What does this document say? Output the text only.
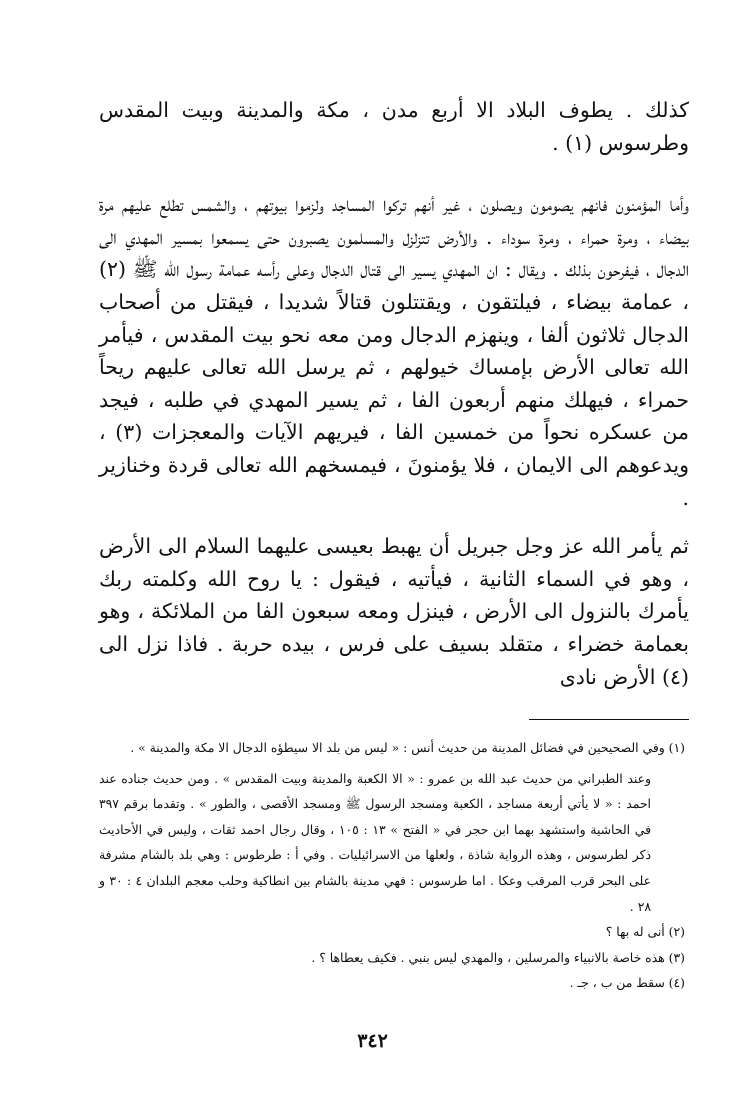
كذلك . يطوف البلاد الا أربع مدن ، مكة والمدينة وبيت المقدس وطرسوس (١) .

وأما المؤمنون فانهم يصومون ويصلون ، غير أنهم تركوا المساجد ولزموا بيوتهم ، والشمس تطلع عليهم مرة بيضاء ، ومرة حمراء ، ومرة سوداء . والأرض تتزلزل والمسلمون يصبرون حتى يسمعوا بمسير المهدي الى الدجال ، فيفرحون بذلك . ويقال : ان المهدي يسير الى قتال الدجال وعلى رأسه عمامة رسول الله ﷺ (٢) ، عمامة بيضاء ، فيلتقون ، ويقتتلون قتالاً شديدا ، فيقتل من أصحاب الدجال ثلاثون ألفا ، وينهزم الدجال ومن معه نحو بيت المقدس ، فيأمر الله تعالى الأرض بإمساك خيولهم ، ثم يرسل الله تعالى عليهم ريحاً حمراء ، فيهلك منهم أربعون الفا ، ثم يسير المهدي في طلبه ، فيجد من عسكره نحواً من خمسين الفا ، فيريهم الآيات والمعجزات (٣) ، ويدعوهم الى الايمان ، فلا يؤمنونَ ، فيمسخهم الله تعالى قردة وخنازير .

ثم يأمر الله عز وجل جبريل أن يهبط بعيسى عليهما السلام الى الأرض ، وهو في السماء الثانية ، فيأتيه ، فيقول : يا روح الله وكلمته ربك يأمرك بالنزول الى الأرض ، فينزل ومعه سبعون الفا من الملائكة ، وهو بعمامة خضراء ، متقلد بسيف على فرس ، بيده حربة . فاذا نزل الى (٤) الأرض نادى

(١) وفي الصحيحين في فضائل المدينة من حديث أنس : « ليس من بلد الا سيطؤه الدجال الا مكة والمدينة » .

وعند الطبراني من حديث عبد الله بن عمرو : « الا الكعبة والمدينة وبيت المقدس » . ومن حديث جناده عند احمد : « لا يأتي أربعة مساجد ، الكعبة ومسجد الرسول ﷺ ومسجد الأقصى ، والطور » . وتقدما برقم ٣٩٧ في الحاشية واستشهد بهما ابن حجر في « الفتح » ١٣ : ١٠٥ ، وقال رجال احمد ثقات ، وليس في الأحاديث ذكر لطرسوس ، وهذه الرواية شاذة ، ولعلها من الاسرائيليات . وفي أ : طرطوس : وهي بلد بالشام مشرفة على البحر قرب المرقب وعكا . اما طرسوس : فهي مدينة بالشام بين انطاكية وحلب معجم البلدان ٤ : ٣٠ و ٢٨ .

(٢) أنى له بها ؟

(٣) هذه خاصة بالانبياء والمرسلين ، والمهدي ليس بنبي . فكيف يعطاها ؟ .

(٤) سقط من ب ، جـ .

٣٤٢
